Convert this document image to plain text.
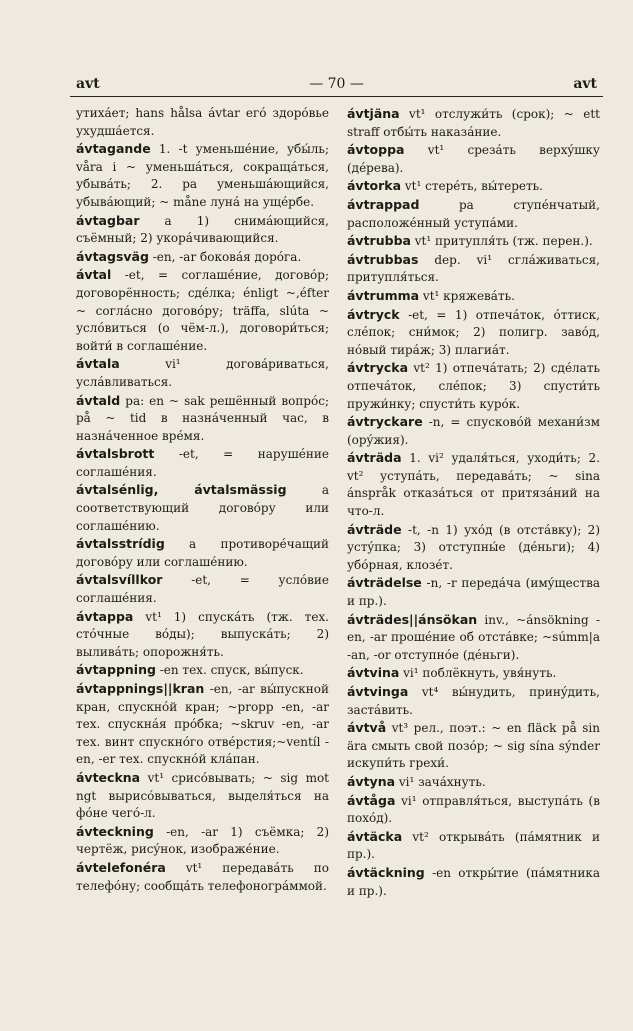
avt	— 70 —	avt
утихáет; hans hålsa ávtar егó здорóвье ухудшáется.
ávtagande 1. -t уменьшéние, убы́ль; våra i ~ уменьшáться, сокращáться, убывáть; 2. pa уменьшáющийся, убывáющий; ~ månе лунá на ущéрбе.
ávtagbar a 1) снимáющийся, съёмный; 2) укорáчивающийся.
ávtagsväg -en, -ar боковáя дорóга.
ávtal -et, = соглашéние, договóр; договорённость; сдéлка; énligt ~,éfter ~ соглáсно договóру; träffa, slúta ~ услóвиться (о чём-л.), договори́ться; войти́ в соглашéние.
ávtala vi¹ договáриваться, услáвливаться.
ávtald pa: en ~ sak решённый вопрóс; på ~ tid в назнáченный час, в назнáченное врéмя.
ávtalsbrott -et, = нарушéние соглашéния.
ávtalsénlig, ávtalsmässig a соответствующий договóру или соглашéнию.
ávtalsstrídig a противорéчащий договóру или соглашéнию.
ávtalsvíllkor -et, = услóвие соглашéния.
ávtappa vt¹ 1) спускáть (тж. тех. стóчные вóды); выпускáть; 2) выливáть; опорожня́ть.
ávtappning -en тех. спуск, вы́пуск.
ávtappnings||kran -en, -ar вы́пускной кран, спускнóй кран; ~propp -en, -ar тех. спускнáя прóбка; ~skruv -en, -ar тех. винт спускнóго отвéрстия;~ventíl -en, -er тех. спускнóй клáпан.
ávteckna vt¹ срисóвывать; ~ sig mot ngt вырисóвываться, выделя́ться на фóне чегó-л.
ávteckning -en, -ar 1) съёмка; 2) чертёж, рисýнок, изображéние.
ávtelefonéra vt¹ передавáть по телефóну; сообщáть телефоногрáммой.
ávtjäna vt¹ отслужи́ть (срок); ~ ett straff отбы́ть наказáние.
ávtoppa vt¹ срезáть верхýшку (дéрева).
ávtorka vt¹ стерéть, вы́тереть.
ávtrappad pa ступéнчатый, расположéнный уступáми.
ávtrubba vt¹ притупля́ть (тж. перен.).
ávtrubbas dep. vi¹ сглáживаться, притупля́ться.
ávtrumma vt¹ кряжевáть.
ávtryck -et, = 1) отпечáток, óттиск, слéпок; сни́мок; 2) полигр. завóд, нóвый тирáж; 3) плагиáт.
ávtrycka vt² 1) отпечáтать; 2) сдéлать отпечáток, слéпок; 3) спусти́ть пружи́нку; спусти́ть курóк.
ávtryckare -n, = спусковóй механи́зм (орýжия).
ávträda 1. vi² удаля́ться, уходи́ть; 2. vt² уступáть, передавáть; ~ sina ánspråk отказáться от притязáний на что-л.
ávträde -t, -n 1) ухóд (в отстáвку); 2) устýпка; 3) отступны́е (дéньги); 4) убóрная, клозéт.
ávträdelse -n, -r передáча (имýщества и пр.).
ávträdes||ánsökan inv., ~ánsökning -en, -ar прошéние об отстáвке; ~súmm|a -an, -or отступнóе (дéньги).
ávtvina vi¹ поблёкнуть, увя́нуть.
ávtvinga vt⁴ вы́нудить, принýдить, застáвить.
ávtvå vt³ рел., поэт.: ~ en fläck på sin ära смыть свой позóр; ~ sig sína sýnder искупи́ть грехи́.
ávtyna vi¹ зачáхнуть.
ávtåga vi¹ отправля́ться, выступáть (в похóд).
ávtäcka vt² открывáть (пáмятник и пр.).
ávtäckning -en откры́тие (пáмятника и пр.).
